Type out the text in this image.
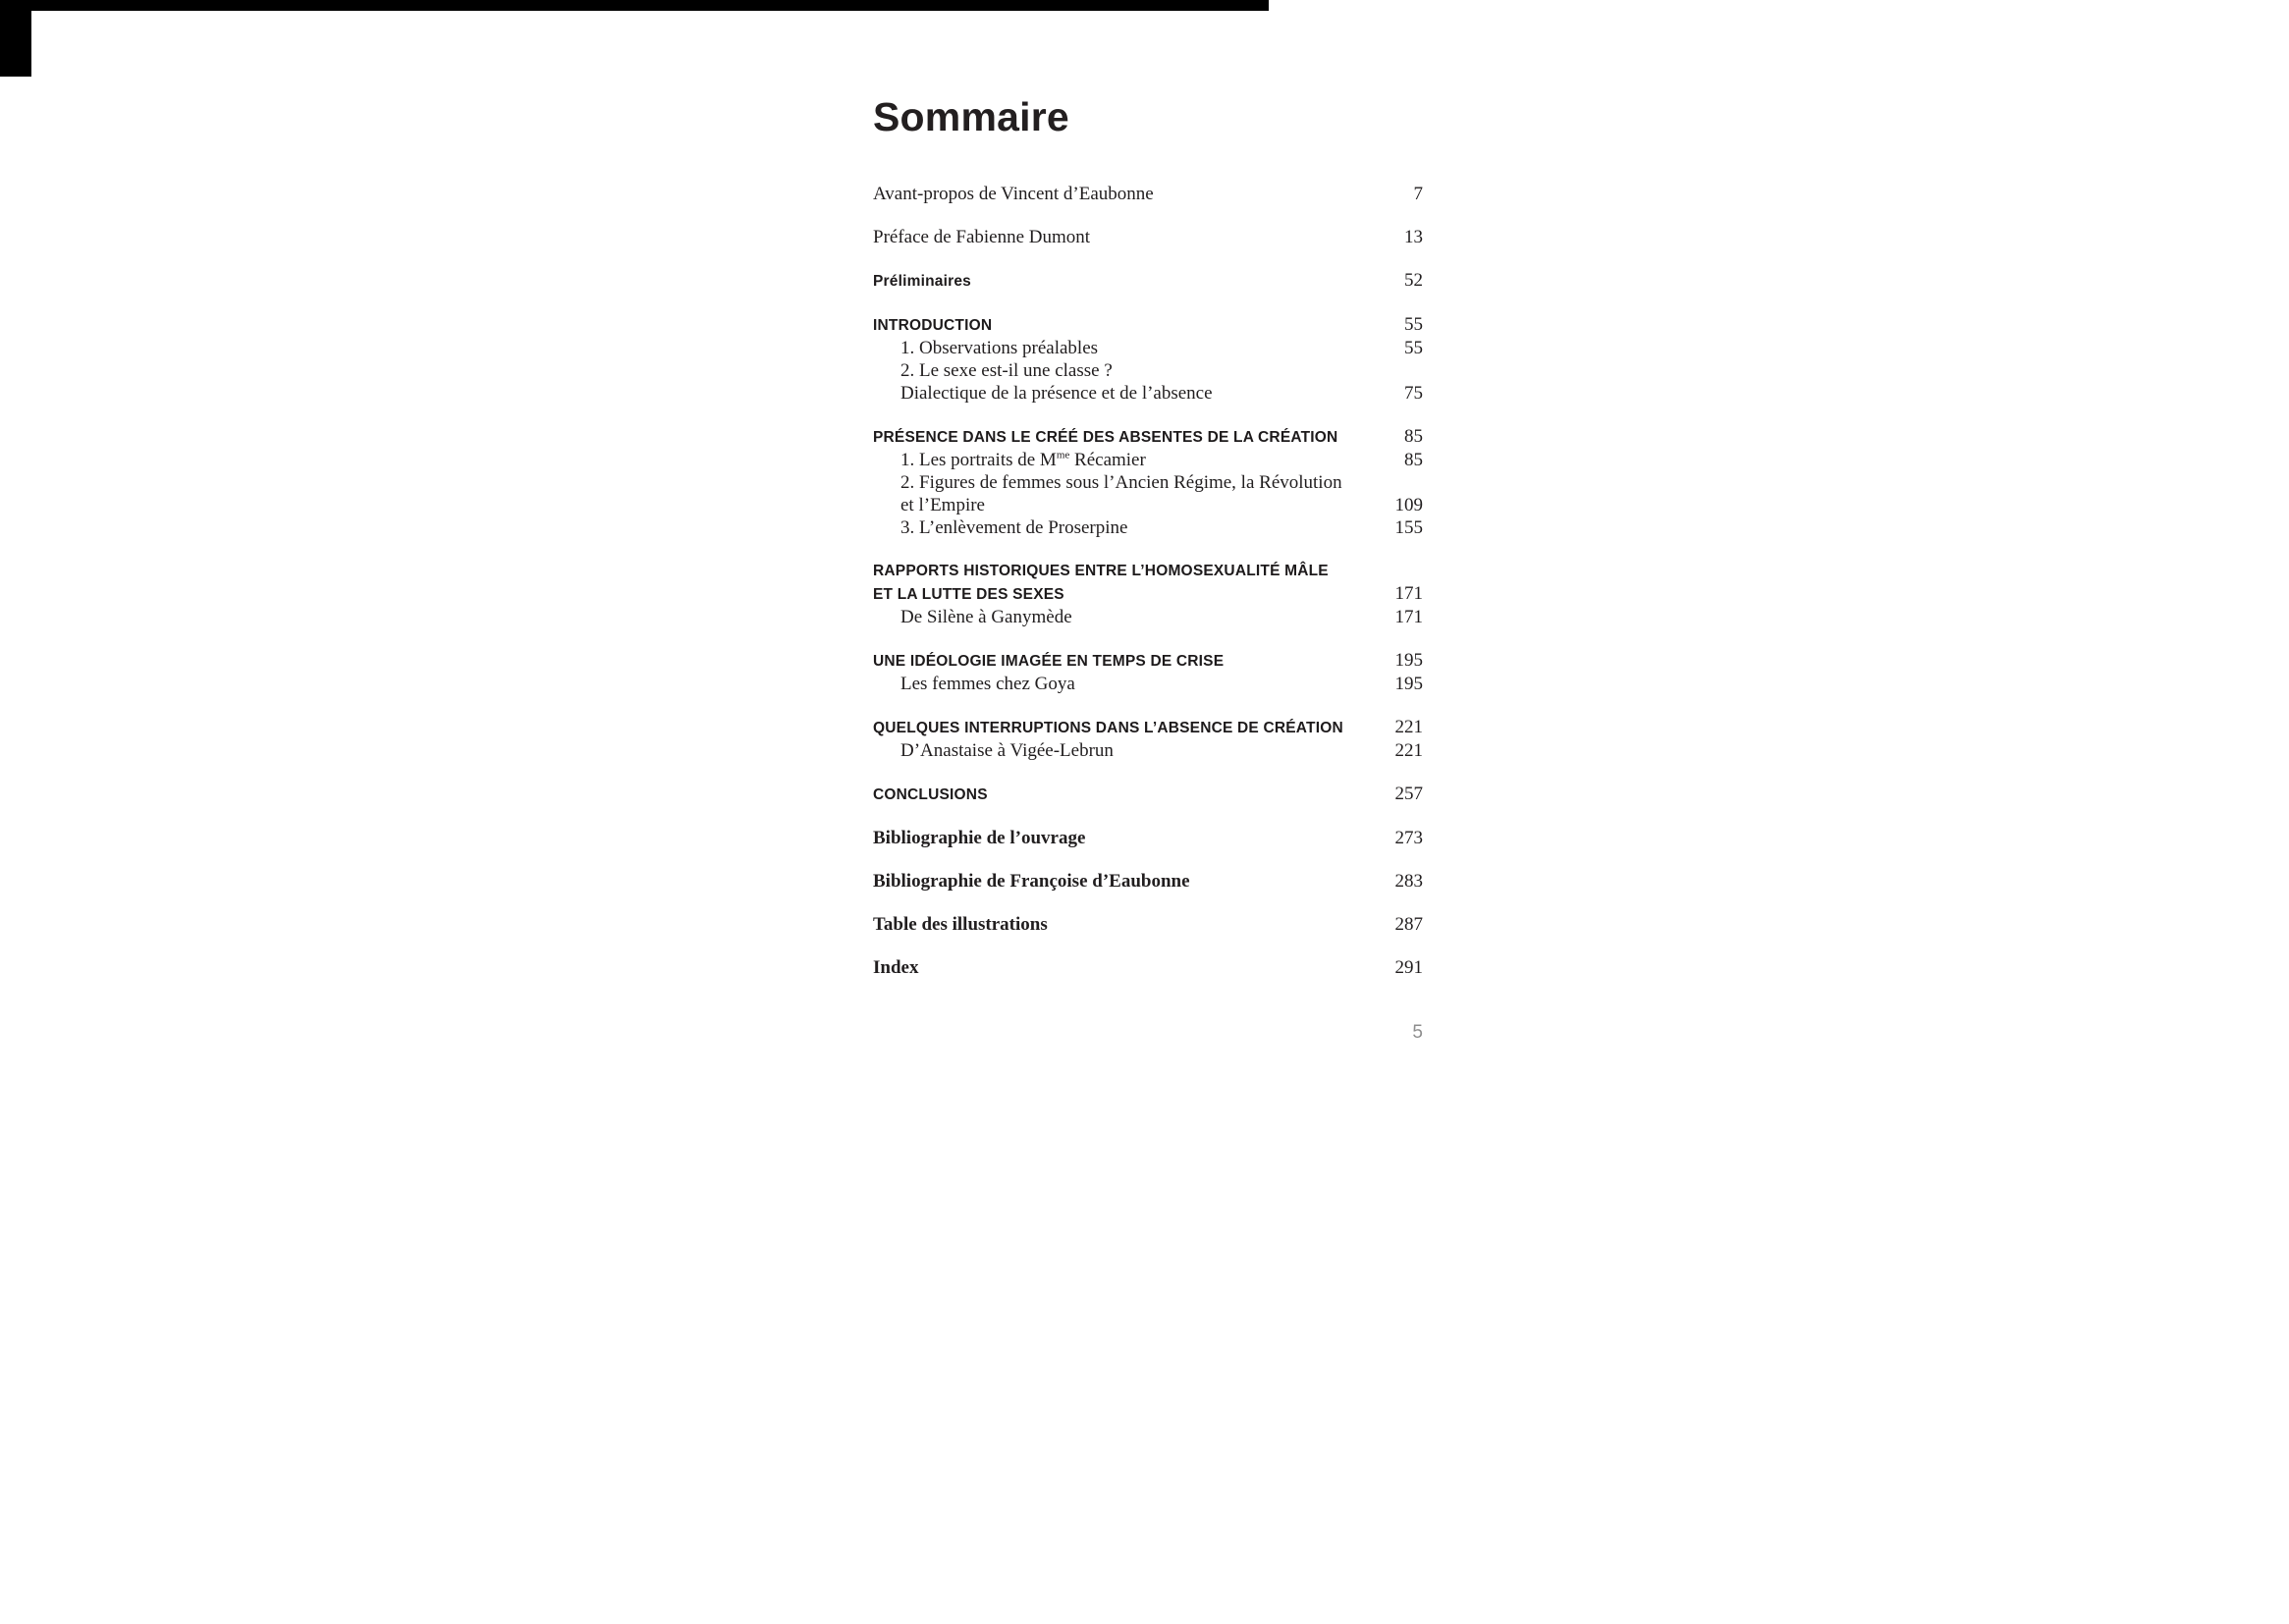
Sommaire
Avant-propos de Vincent d’Eaubonne	7
Préface de Fabienne Dumont	13
Préliminaires	52
INTRODUCTION	55
1. Observations préalables	55
2. Le sexe est-il une classe ?
Dialectique de la présence et de l’absence	75
PRÉSENCE DANS LE CRÉÉ DES ABSENTES DE LA CRÉATION	85
1. Les portraits de $M^{me}$ Récamier	85
2. Figures de femmes sous l’Ancien Régime, la Révolution
et l’Empire	109
3. L’enlèvement de Proserpine	155
RAPPORTS HISTORIQUES ENTRE L’HOMOSEXUALITÉ MÂLE
ET LA LUTTE DES SEXES	171
De Silène à Ganymède	171
UNE IDÉOLOGIE IMAGÉE EN TEMPS DE CRISE	195
Les femmes chez Goya	195
QUELQUES INTERRUPTIONS DANS L’ABSENCE DE CRÉATION	221
D’Anastaise à Vigée-Lebrun	221
CONCLUSIONS	257
Bibliographie de l’ouvrage	273
Bibliographie de Françoise d’Eaubonne	283
Table des illustrations	287
Index	291
5
